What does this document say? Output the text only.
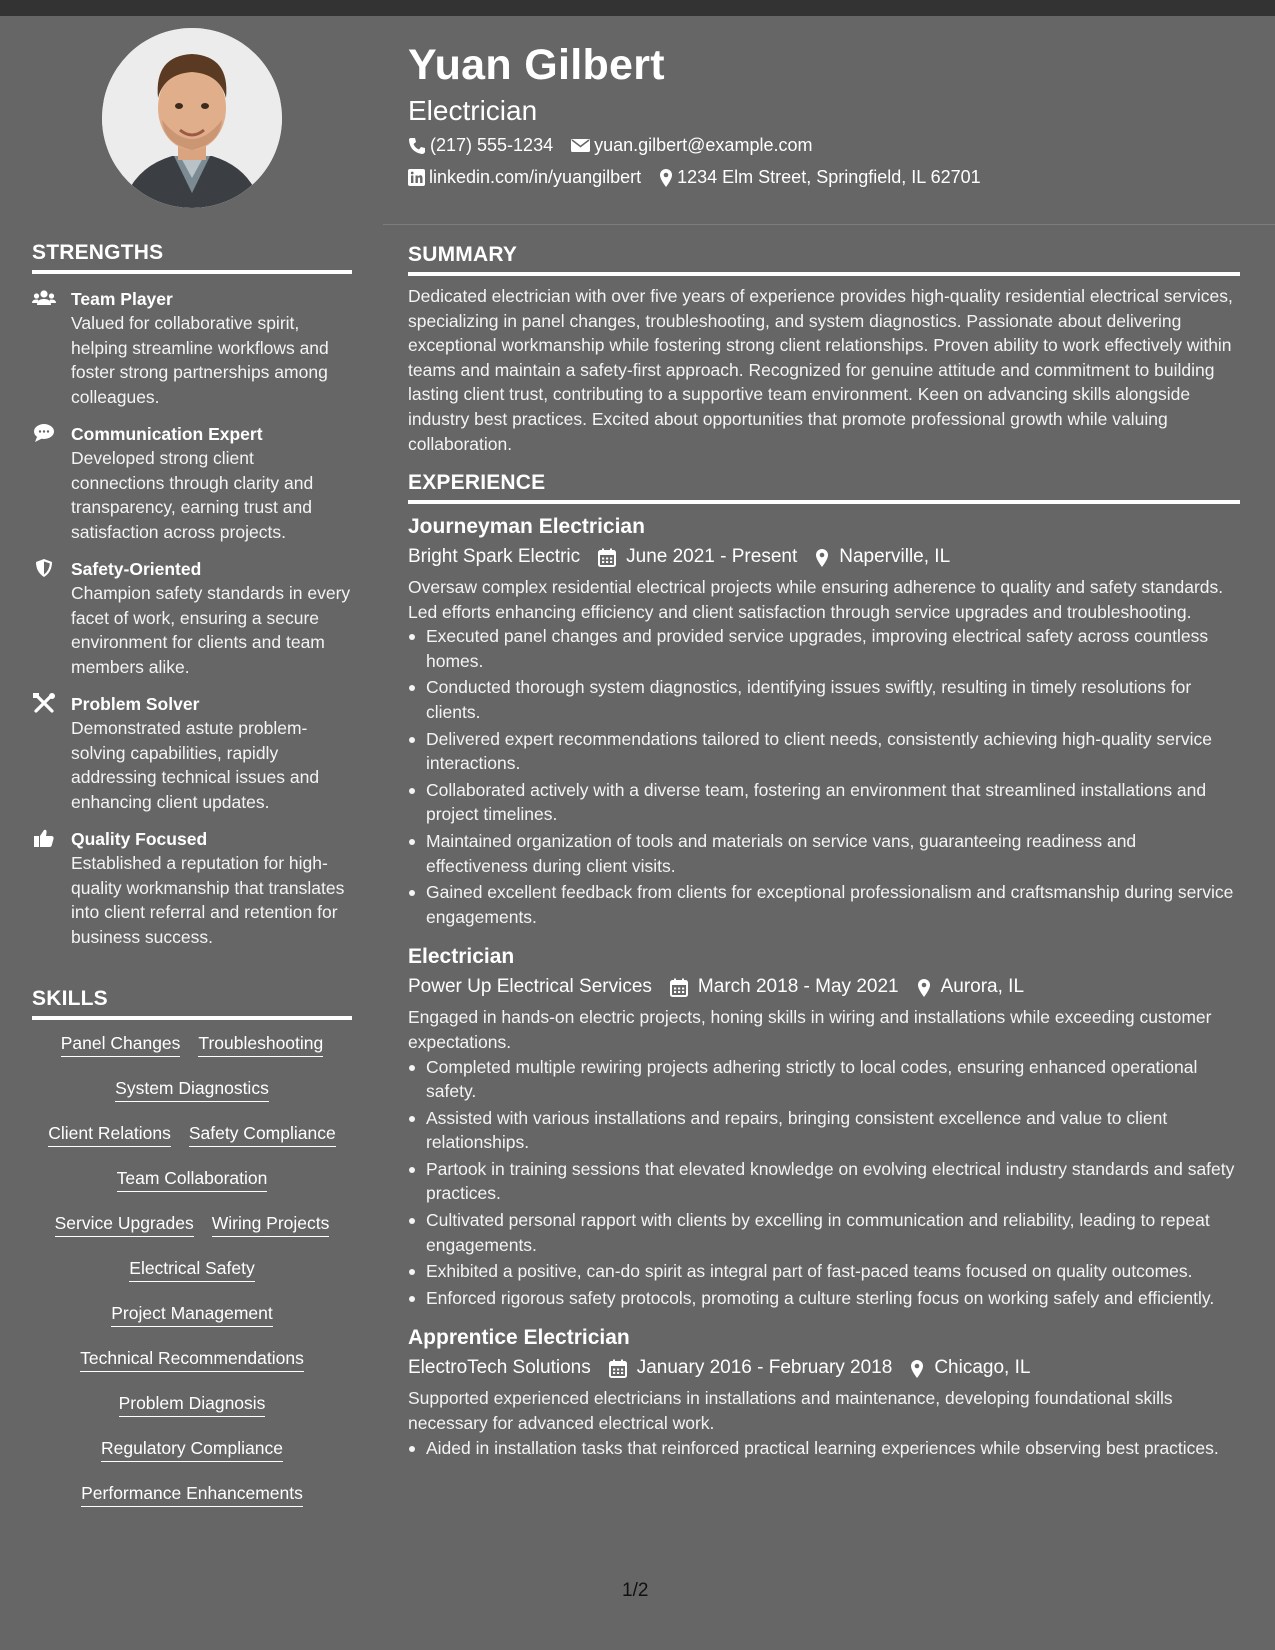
STRENGTHS
Team Player
Valued for collaborative spirit, helping streamline workflows and foster strong partnerships among colleagues.
Communication Expert
Developed strong client connections through clarity and transparency, earning trust and satisfaction across projects.
Safety-Oriented
Champion safety standards in every facet of work, ensuring a secure environment for clients and team members alike.
Problem Solver
Demonstrated astute problem-solving capabilities, rapidly addressing technical issues and enhancing client updates.
Quality Focused
Established a reputation for high-quality workmanship that translates into client referral and retention for business success.
SKILLS
Panel Changes Troubleshooting
System Diagnostics
Client Relations Safety Compliance
Team Collaboration
Service Upgrades Wiring Projects
Electrical Safety
Project Management
Technical Recommendations
Problem Diagnosis
Regulatory Compliance
Performance Enhancements
Yuan Gilbert
Electrician
(217) 555-1234 yuan.gilbert@example.com
linkedin.com/in/yuangilbert 1234 Elm Street, Springfield, IL 62701
SUMMARY
Dedicated electrician with over five years of experience provides high-quality residential electrical services, specializing in panel changes, troubleshooting, and system diagnostics. Passionate about delivering exceptional workmanship while fostering strong client relationships. Proven ability to work effectively within teams and maintain a safety-first approach. Recognized for genuine attitude and commitment to building lasting client trust, contributing to a supportive team environment. Keen on advancing skills alongside industry best practices. Excited about opportunities that promote professional growth while valuing collaboration.
EXPERIENCE
Journeyman Electrician
Bright Spark Electric June 2021 - Present Naperville, IL
Oversaw complex residential electrical projects while ensuring adherence to quality and safety standards. Led efforts enhancing efficiency and client satisfaction through service upgrades and troubleshooting.
Executed panel changes and provided service upgrades, improving electrical safety across countless homes.
Conducted thorough system diagnostics, identifying issues swiftly, resulting in timely resolutions for clients.
Delivered expert recommendations tailored to client needs, consistently achieving high-quality service interactions.
Collaborated actively with a diverse team, fostering an environment that streamlined installations and project timelines.
Maintained organization of tools and materials on service vans, guaranteeing readiness and effectiveness during client visits.
Gained excellent feedback from clients for exceptional professionalism and craftsmanship during service engagements.
Electrician
Power Up Electrical Services March 2018 - May 2021 Aurora, IL
Engaged in hands-on electric projects, honing skills in wiring and installations while exceeding customer expectations.
Completed multiple rewiring projects adhering strictly to local codes, ensuring enhanced operational safety.
Assisted with various installations and repairs, bringing consistent excellence and value to client relationships.
Partook in training sessions that elevated knowledge on evolving electrical industry standards and safety practices.
Cultivated personal rapport with clients by excelling in communication and reliability, leading to repeat engagements.
Exhibited a positive, can-do spirit as integral part of fast-paced teams focused on quality outcomes.
Enforced rigorous safety protocols, promoting a culture sterling focus on working safely and efficiently.
Apprentice Electrician
ElectroTech Solutions January 2016 - February 2018 Chicago, IL
Supported experienced electricians in installations and maintenance, developing foundational skills necessary for advanced electrical work.
Aided in installation tasks that reinforced practical learning experiences while observing best practices.
1/2
